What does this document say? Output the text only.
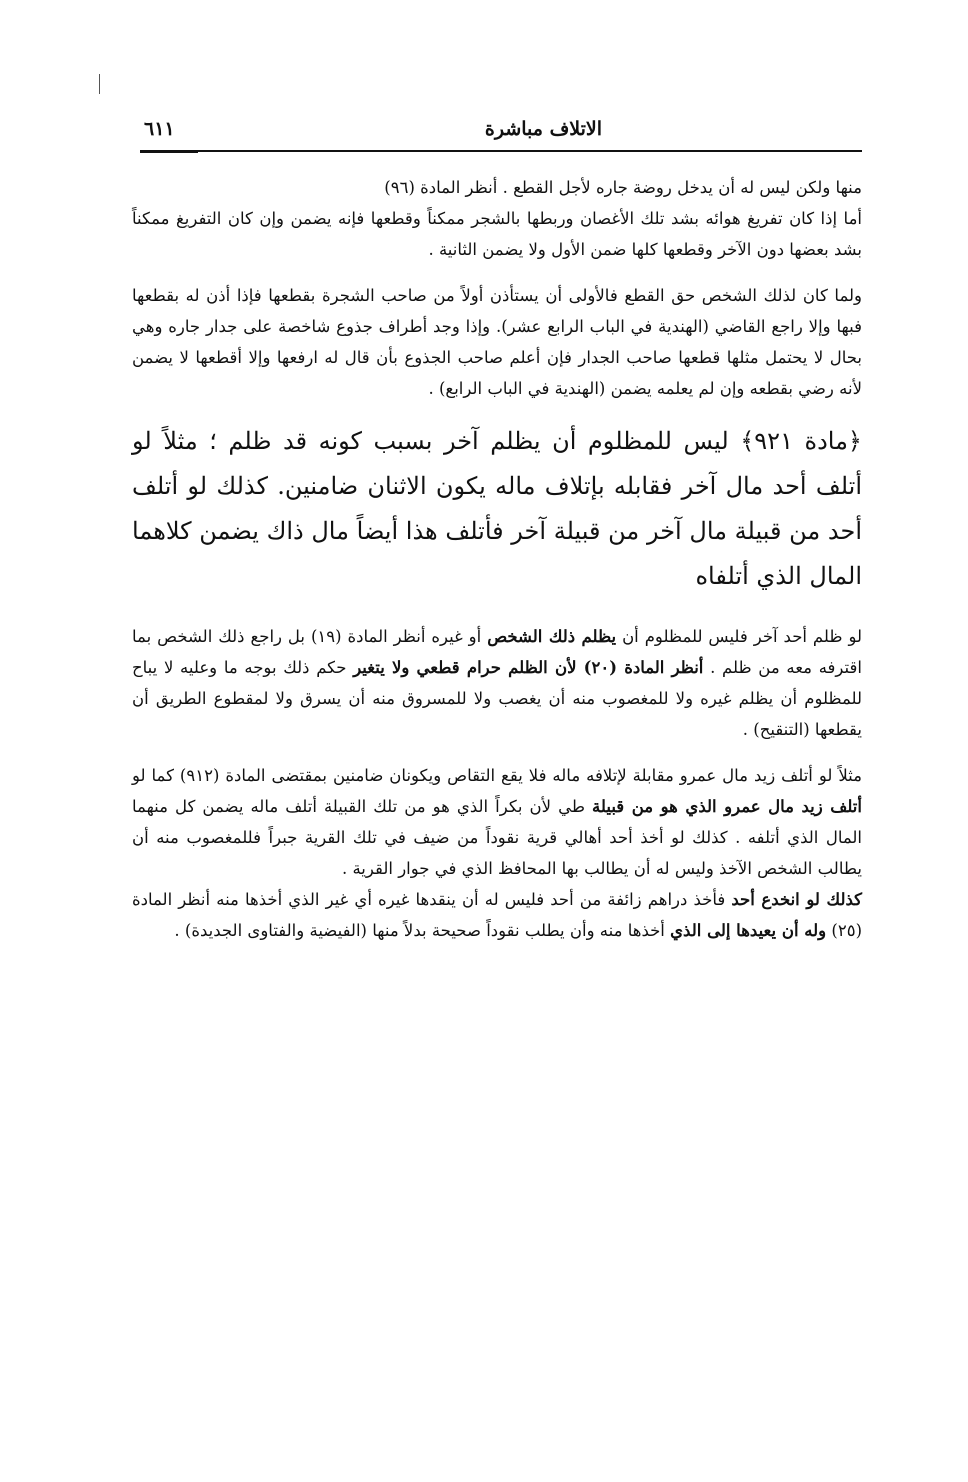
الاتلاف مباشرة
٦١١

منها ولكن ليس له أن يدخل روضة جاره لأجل القطع . أنظر المادة (٩٦)

أما إذا كان تفريغ هوائه بشد تلك الأغصان وربطها بالشجر ممكناً وقطعها فإنه يضمن وإن كان التفريغ ممكناً بشد بعضها دون الآخر وقطعها كلها ضمن الأول ولا يضمن الثانية .

ولما كان لذلك الشخص حق القطع فالأولى أن يستأذن أولاً من صاحب الشجرة بقطعها فإذا أذن له بقطعها فبها وإلا راجع القاضي (الهندية في الباب الرابع عشر). وإذا وجد أطراف جذوع شاخصة على جدار جاره وهي بحال لا يحتمل مثلها قطعها صاحب الجدار فإن أعلم صاحب الجذوع بأن قال له ارفعها وإلا أقطعها لا يضمن لأنه رضي بقطعه وإن لم يعلمه يضمن (الهندية في الباب الرابع) .

﴿مادة ٩٢١﴾ ليس للمظلوم أن يظلم آخر بسبب كونه قد ظلم ؛ مثلاً لو أتلف أحد مال آخر فقابله بإتلاف ماله يكون الاثنان ضامنين. كذلك لو أتلف أحد من قبيلة مال آخر من قبيلة آخر فأتلف هذا أيضاً مال ذاك يضمن كلاهما المال الذي أتلفاه

لو ظلم أحد آخر فليس للمظلوم أن يظلم ذلك الشخص أو غيره أنظر المادة (١٩) بل راجع ذلك الشخص بما اقترفه معه من ظلم . أنظر المادة (٢٠) لأن الظلم حرام قطعي ولا يتغير حكم ذلك بوجه ما وعليه لا يباح للمظلوم أن يظلم غيره ولا للمغصوب منه أن يغصب ولا للمسروق منه أن يسرق ولا لمقطوع الطريق أن يقطعها (التنقيح) .

مثلاً لو أتلف زيد مال عمرو مقابلة لإتلافه ماله فلا يقع التقاص ويكونان ضامنين بمقتضى المادة (٩١٢) كما لو أتلف زيد مال عمرو الذي هو من قبيلة طي لأن بكراً الذي هو من تلك القبيلة أتلف ماله يضمن كل منهما المال الذي أتلفه . كذلك لو أخذ أحد أهالي قرية نقوداً من ضيف في تلك القرية جبراً فللمغصوب منه أن يطالب الشخص الآخذ وليس له أن يطالب بها المحافظ الذي في جوار القرية .

كذلك لو انخدع أحد فأخذ دراهم زائفة من أحد فليس له أن ينقدها غيره أي غير الذي أخذها منه أنظر المادة (٢٥) وله أن يعيدها إلى الذي أخذها منه وأن يطلب نقوداً صحيحة بدلاً منها (الفيضية والفتاوى الجديدة) .
